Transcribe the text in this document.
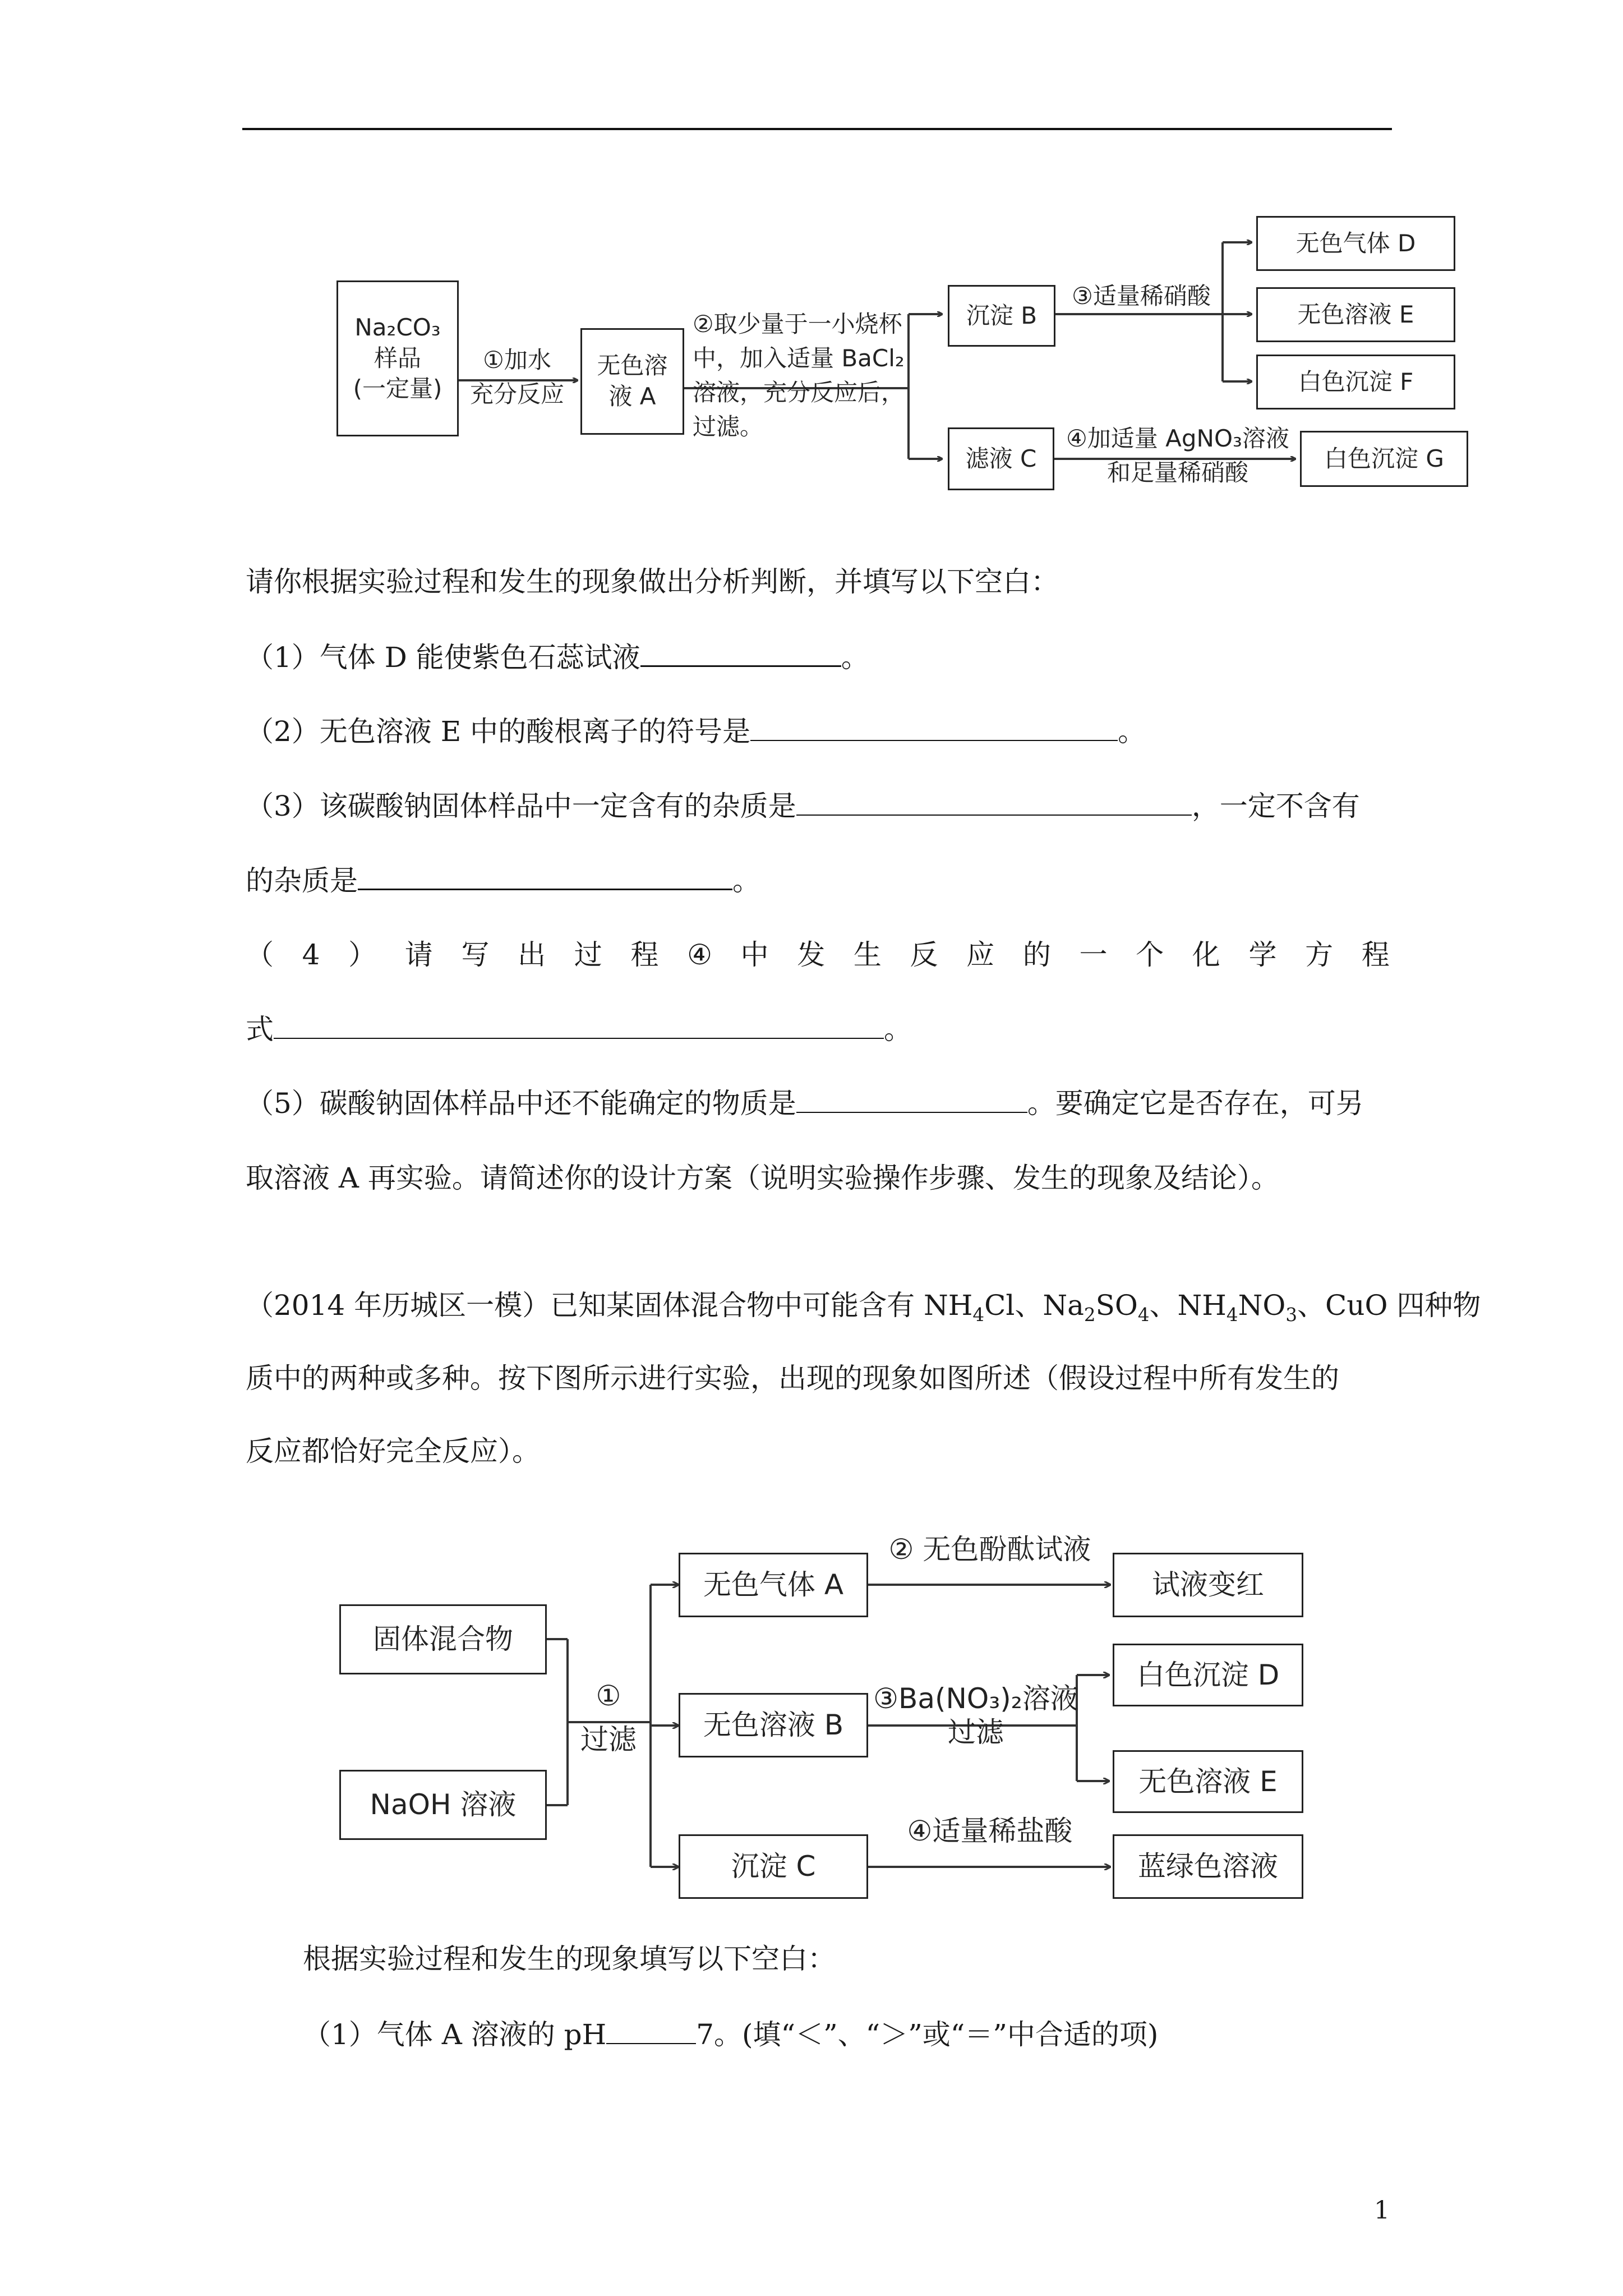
Na₂CO₃
样品
(一定量)
①加水
充分反应
无色溶
液 A
②取少量于一小烧杯
中，加入适量 BaCl₂
溶液，充分反应后，
过滤。
沉淀 B
③适量稀硝酸
无色气体 D
无色溶液 E
白色沉淀 F
滤液 C
④加适量 AgNO₃溶液
和足量稀硝酸
白色沉淀 G
请你根据实验过程和发生的现象做出分析判断，并填写以下空白：
（1）气体 D 能使紫色石蕊试液	。
（2）无色溶液 E 中的酸根离子的符号是	。
（3）该碳酸钠固体样品中一定含有的杂质是	，一定不含有
的杂质是	。
（ 4 ） 请 写 出 过 程 ④ 中 发 生 反 应 的 一 个 化 学 方 程
式	。
（5）碳酸钠固体样品中还不能确定的物质是	。要确定它是否存在，可另
取溶液 A 再实验。请简述你的设计方案（说明实验操作步骤、发生的现象及结论）。
（2014 年历城区一模）已知某固体混合物中可能含有 $NH_4Cl$、$Na_2SO_4$、$NH_4NO_3$、CuO 四种物
质中的两种或多种。按下图所示进行实验，出现的现象如图所述（假设过程中所有发生的
反应都恰好完全反应）。
固体混合物
NaOH 溶液
①
过滤
无色气体 A
② 无色酚酞试液
试液变红
无色溶液 B
③Ba(NO₃)₂溶液
过滤
白色沉淀 D
无色溶液 E
沉淀 C
④适量稀盐酸
蓝绿色溶液
根据实验过程和发生的现象填写以下空白：
（1）气体 A 溶液的 pH	7。(填“＜”、“＞”或“＝”中合适的项)
1
